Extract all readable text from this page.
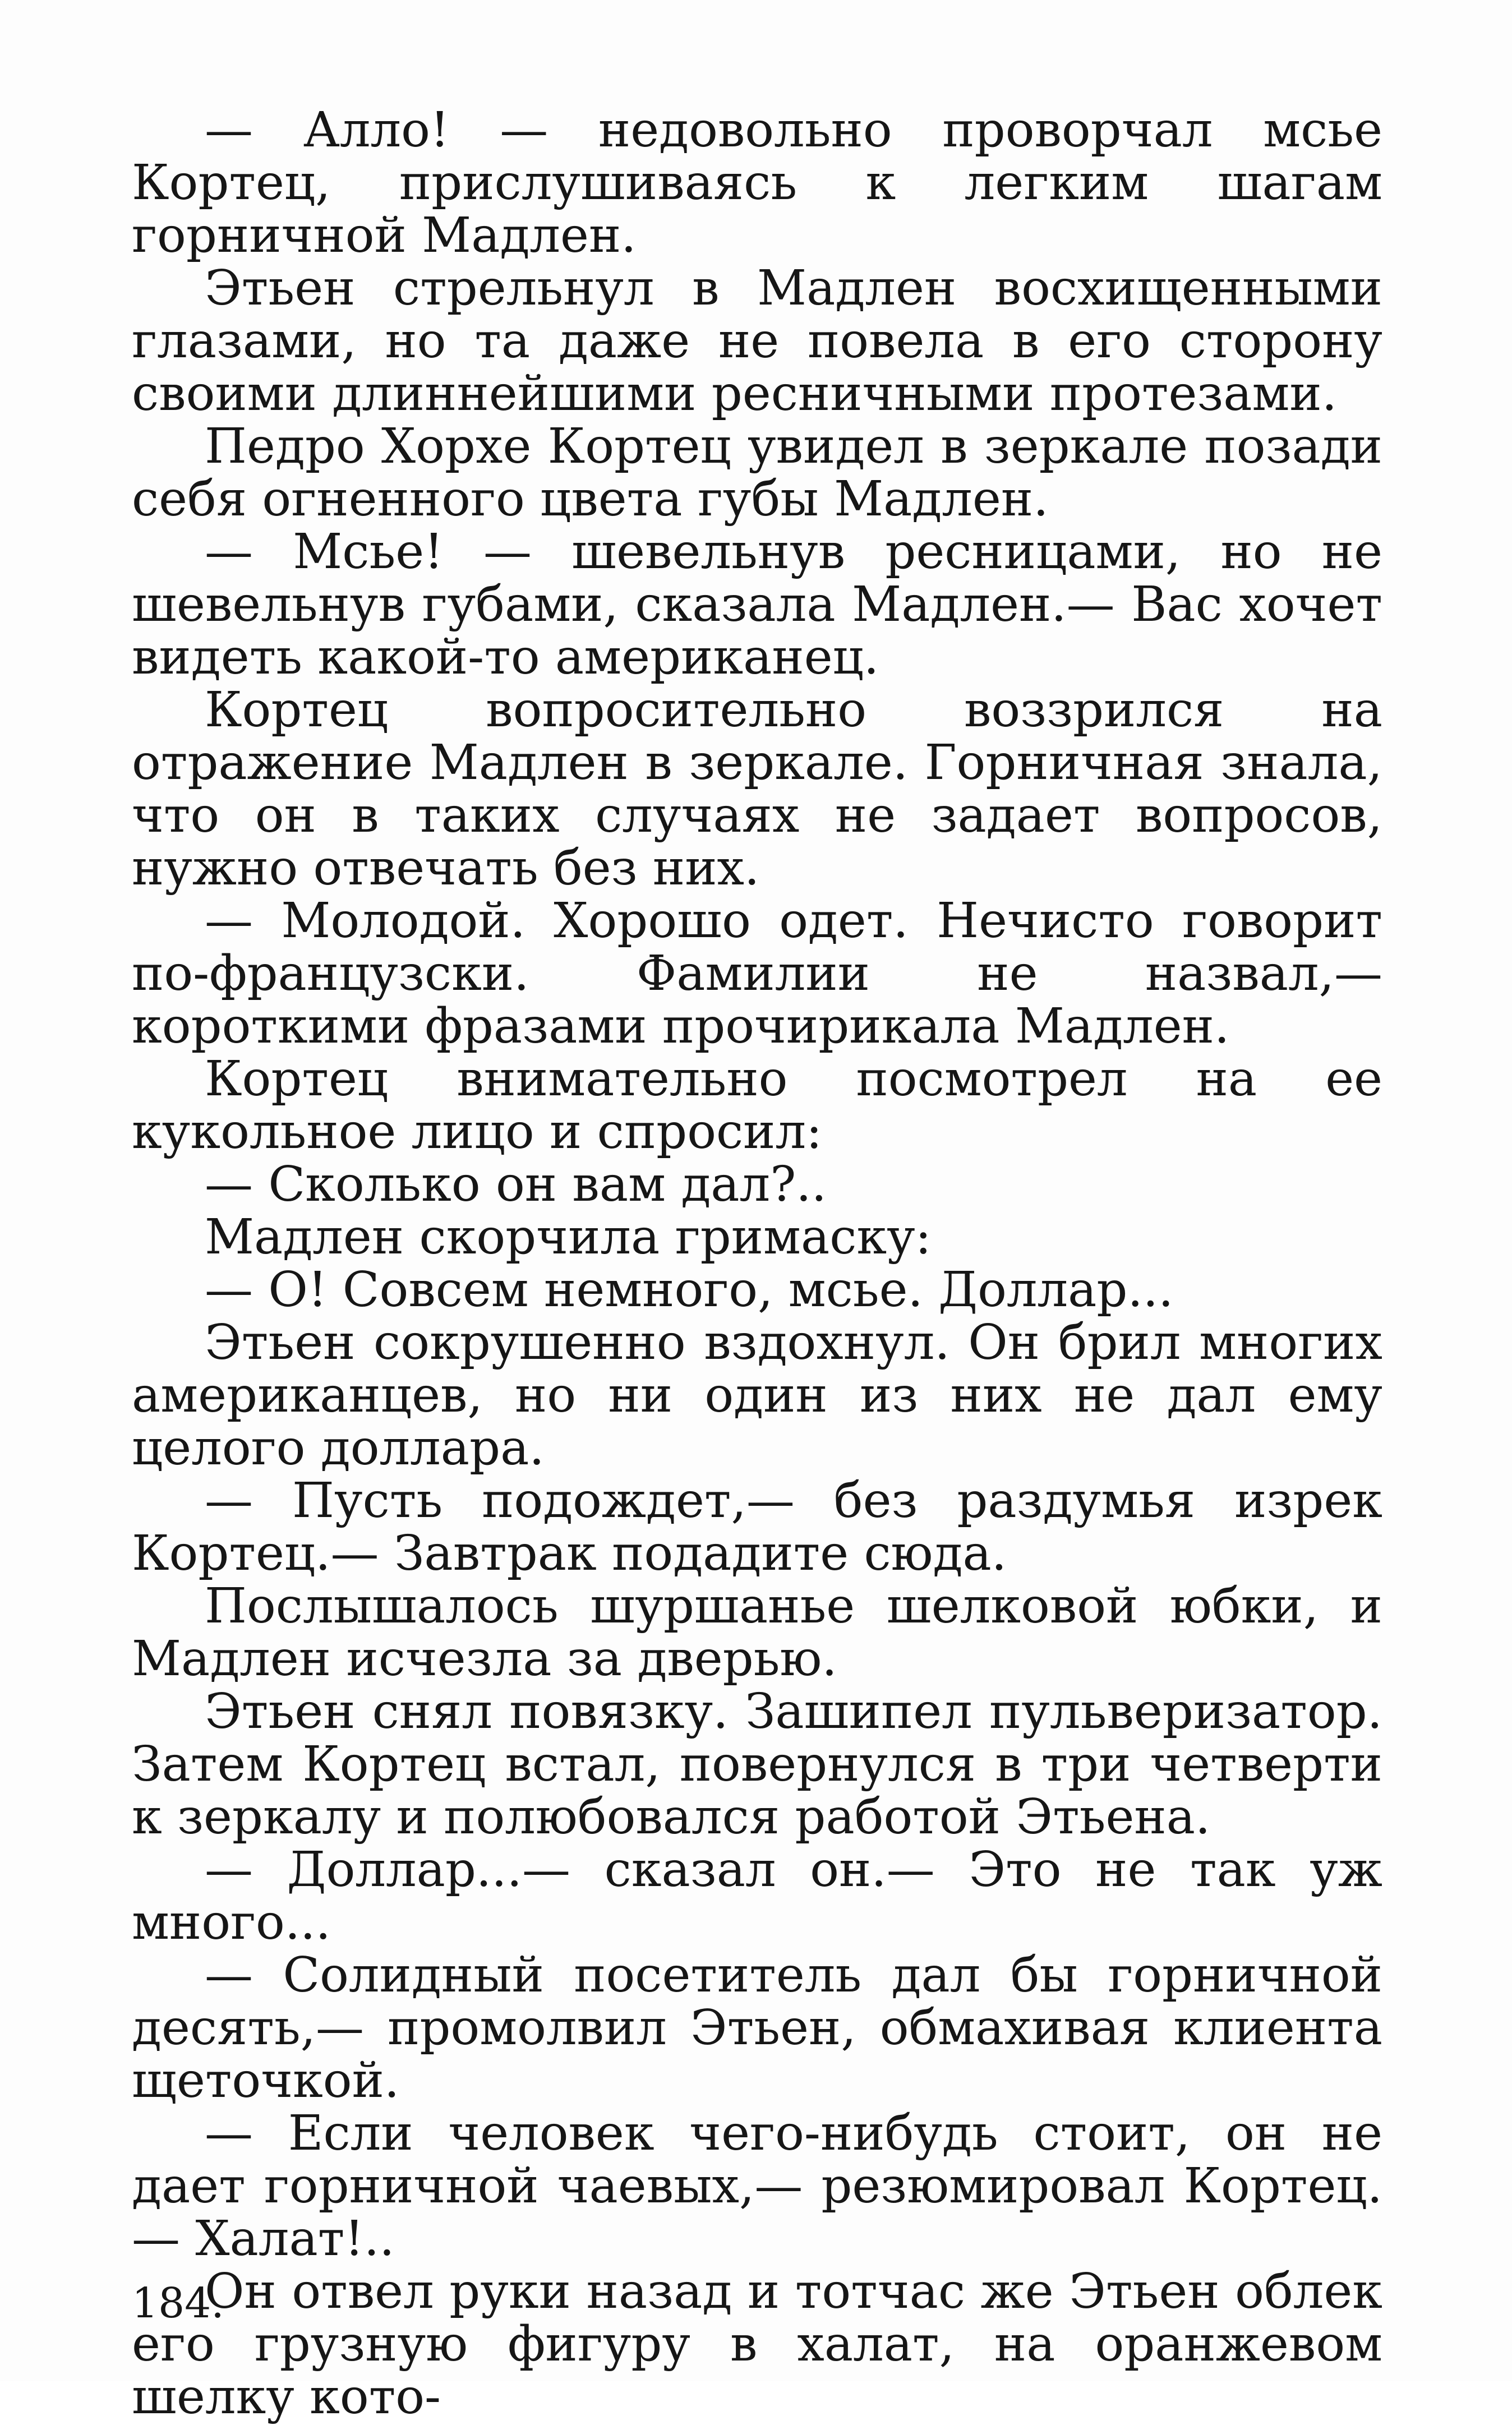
— Алло! — недовольно проворчал мсье Кортец, прислушиваясь к легким шагам горничной Мадлен.

Этьен стрельнул в Мадлен восхищенными глазами, но та даже не повела в его сторону своими длиннейшими ресничными протезами.

Педро Хорхе Кортец увидел в зеркале позади себя огненного цвета губы Мадлен.

— Мсье! — шевельнув ресницами, но не шевельнув губами, сказала Мадлен.— Вас хочет видеть какой-то американец.

Кортец вопросительно воззрился на отражение Мадлен в зеркале. Горничная знала, что он в таких случаях не задает вопросов, нужно отвечать без них.

— Молодой. Хорошо одет. Нечисто говорит по-французски. Фамилии не назвал,— короткими фразами прочирикала Мадлен.

Кортец внимательно посмотрел на ее кукольное лицо и спросил:

— Сколько он вам дал?..

Мадлен скорчила гримаску:

— О! Совсем немного, мсье. Доллар...

Этьен сокрушенно вздохнул. Он брил многих американцев, но ни один из них не дал ему целого доллара.

— Пусть подождет,— без раздумья изрек Кортец.— Завтрак подадите сюда.

Послышалось шуршанье шелковой юбки, и Мадлен исчезла за дверью.

Этьен снял повязку. Зашипел пульверизатор. Затем Кортец встал, повернулся в три четверти к зеркалу и полюбовался работой Этьена.

— Доллар...— сказал он.— Это не так уж много...

— Солидный посетитель дал бы горничной десять,— промолвил Этьен, обмахивая клиента щеточкой.

— Если человек чего-нибудь стоит, он не дает горничной чаевых,— резюмировал Кортец.— Халат!..

Он отвел руки назад и тотчас же Этьен облек его грузную фигуру в халат, на оранжевом шелку кото-

184.
